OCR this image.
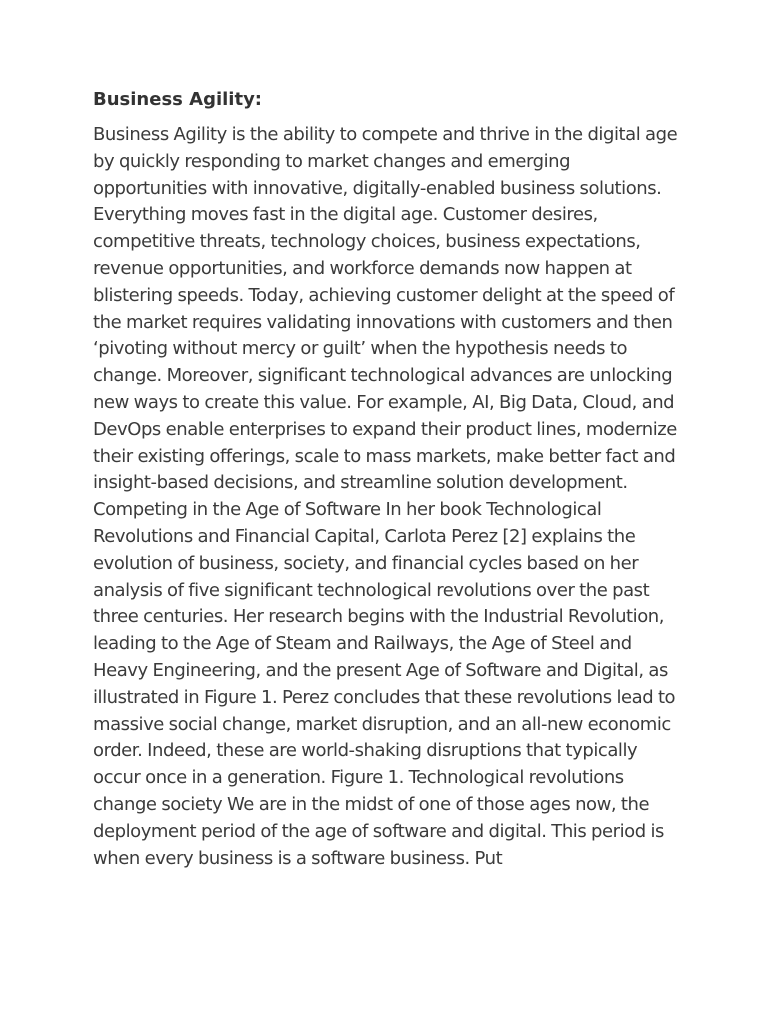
Business Agility:

Business Agility is the ability to compete and thrive in the digital age by quickly responding to market changes and emerging opportunities with innovative, digitally-enabled business solutions. Everything moves fast in the digital age. Customer desires, competitive threats, technology choices, business expectations, revenue opportunities, and workforce demands now happen at blistering speeds. Today, achieving customer delight at the speed of the market requires validating innovations with customers and then ‘pivoting without mercy or guilt’ when the hypothesis needs to change. Moreover, significant technological advances are unlocking new ways to create this value. For example, AI, Big Data, Cloud, and DevOps enable enterprises to expand their product lines, modernize their existing offerings, scale to mass markets, make better fact and insight-based decisions, and streamline solution development. Competing in the Age of Software In her book Technological Revolutions and Financial Capital, Carlota Perez [2] explains the evolution of business, society, and financial cycles based on her analysis of five significant technological revolutions over the past three centuries. Her research begins with the Industrial Revolution, leading to the Age of Steam and Railways, the Age of Steel and Heavy Engineering, and the present Age of Software and Digital, as illustrated in Figure 1. Perez concludes that these revolutions lead to massive social change, market disruption, and an all-new economic order. Indeed, these are world-shaking disruptions that typically occur once in a generation. Figure 1. Technological revolutions change society We are in the midst of one of those ages now, the deployment period of the age of software and digital. This period is when every business is a software business. Put
